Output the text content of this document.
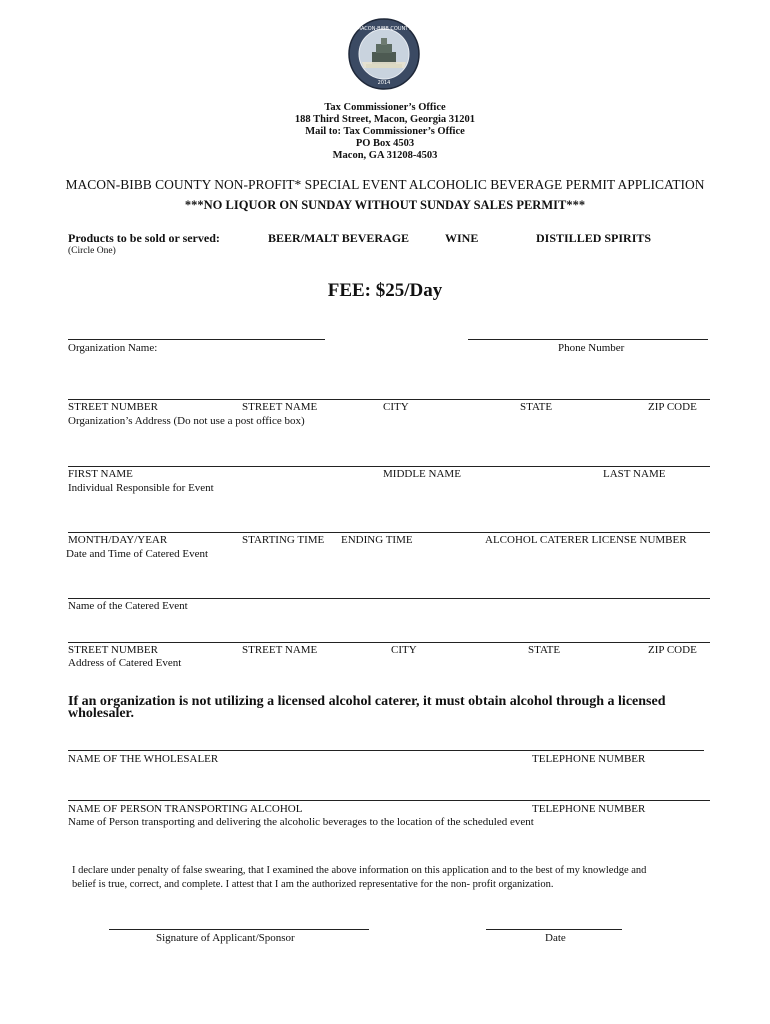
MACON-BIBB COUNTY
2014
Tax Commissioner’s Office
188 Third Street, Macon, Georgia 31201
Mail to: Tax Commissioner’s Office
PO Box 4503
Macon, GA 31208-4503
MACON-BIBB COUNTY NON-PROFIT* SPECIAL EVENT ALCOHOLIC BEVERAGE PERMIT APPLICATION
***NO LIQUOR ON SUNDAY WITHOUT SUNDAY SALES PERMIT***
Products to be sold or served:	BEER/MALT BEVERAGE	WINE	DISTILLED SPIRITS
(Circle One)
FEE: $25/Day
Organization Name:	Phone Number
STREET NUMBER	STREET NAME	CITY	STATE	ZIP CODE
Organization’s Address (Do not use a post office box)
FIRST NAME	MIDDLE NAME	LAST NAME
Individual Responsible for Event
MONTH/DAY/YEAR	STARTING TIME ENDING TIME	ALCOHOL CATERER LICENSE NUMBER
Date and Time of Catered Event
Name of the Catered Event
STREET NUMBER	STREET NAME	CITY	STATE	ZIP CODE
Address of Catered Event
If an organization is not utilizing a licensed alcohol caterer, it must obtain alcohol through a licensed wholesaler.
NAME OF THE WHOLESALER	TELEPHONE NUMBER
NAME OF PERSON TRANSPORTING ALCOHOL	TELEPHONE NUMBER
Name of Person transporting and delivering the alcoholic beverages to the location of the scheduled event
I declare under penalty of false swearing, that I examined the above information on this application and to the best of my knowledge and
belief is true, correct, and complete. I attest that I am the authorized representative for the non- profit organization.
Signature of Applicant/Sponsor	Date
